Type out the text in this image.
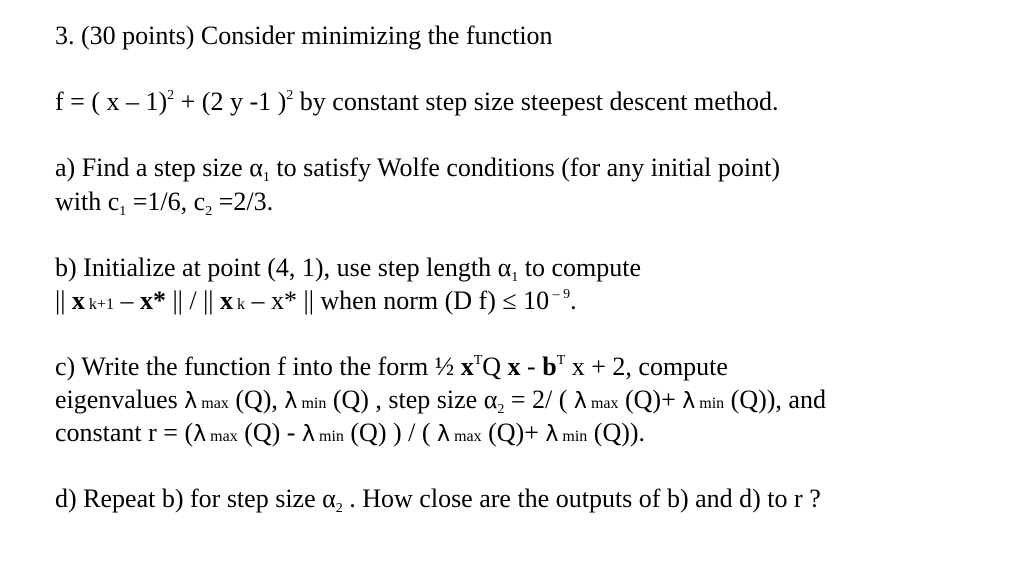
3. (30 points) Consider minimizing the function
f = ( x – 1)$^2$ + (2 y -1 )$^2$ by constant step size steepest descent method.
a) Find a step size $\alpha_1$ to satisfy Wolfe conditions (for any initial point)
with $c_1 =1/6$, $c_2 =2/3$.
b) Initialize at point (4, 1), use step length $\alpha_1$ to compute
|| x k+1 – x* || / || x k – x* || when norm (D f) ≤ 10 $^{- 9}$.
c) Write the function f into the form ½ $x^TQ$ x - $b^T$ x + 2, compute
eigenvalues λ max (Q), λ min (Q) , step size $\alpha_2 = 2/$ ( λ max (Q)+ λ min (Q)), and
constant r = (λ max (Q) - λ min (Q) ) / ( λ max (Q)+ λ min (Q)).
d) Repeat b) for step size $\alpha_2$ . How close are the outputs of b) and d) to r ?
